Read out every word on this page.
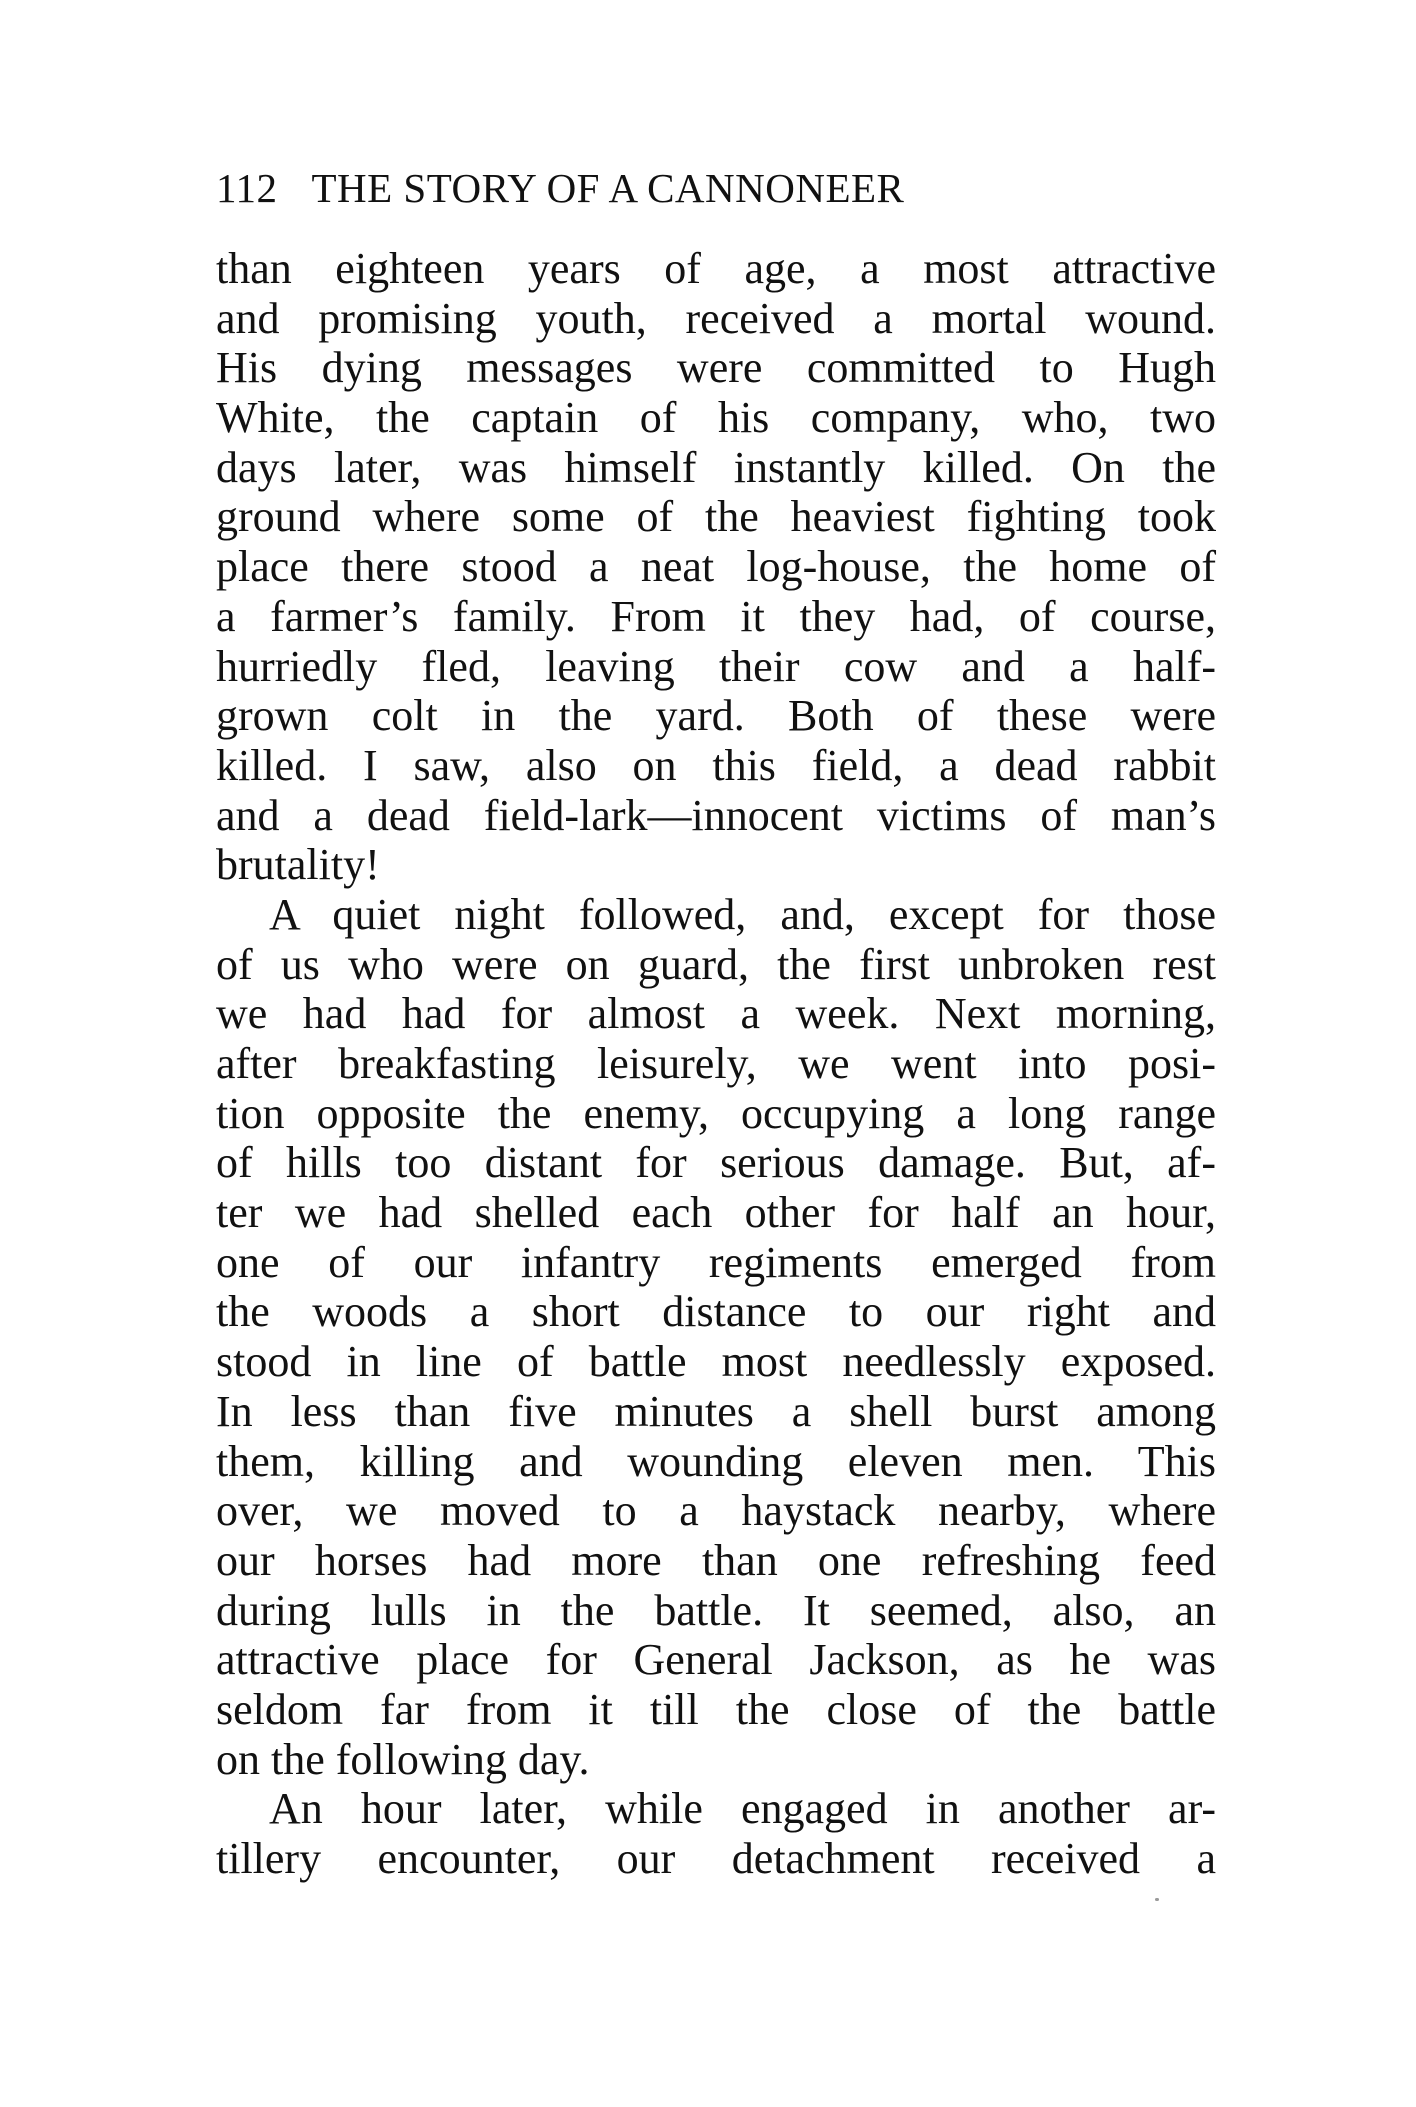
112 THE STORY OF A CANNONEER
than eighteen years of age, a most attractive
and promising youth, received a mortal wound.
His dying messages were committed to Hugh
White, the captain of his company, who, two
days later, was himself instantly killed. On the
ground where some of the heaviest fighting took
place there stood a neat log-house, the home of
a farmer’s family. From it they had, of course,
hurriedly fled, leaving their cow and a half-
grown colt in the yard. Both of these were
killed. I saw, also on this field, a dead rabbit
and a dead field-lark—innocent victims of man’s
brutality!
A quiet night followed, and, except for those
of us who were on guard, the first unbroken rest
we had had for almost a week. Next morning,
after breakfasting leisurely, we went into posi-
tion opposite the enemy, occupying a long range
of hills too distant for serious damage. But, af-
ter we had shelled each other for half an hour,
one of our infantry regiments emerged from
the woods a short distance to our right and
stood in line of battle most needlessly exposed.
In less than five minutes a shell burst among
them, killing and wounding eleven men. This
over, we moved to a haystack nearby, where
our horses had more than one refreshing feed
during lulls in the battle. It seemed, also, an
attractive place for General Jackson, as he was
seldom far from it till the close of the battle
on the following day.
An hour later, while engaged in another ar-
tillery encounter, our detachment received a
